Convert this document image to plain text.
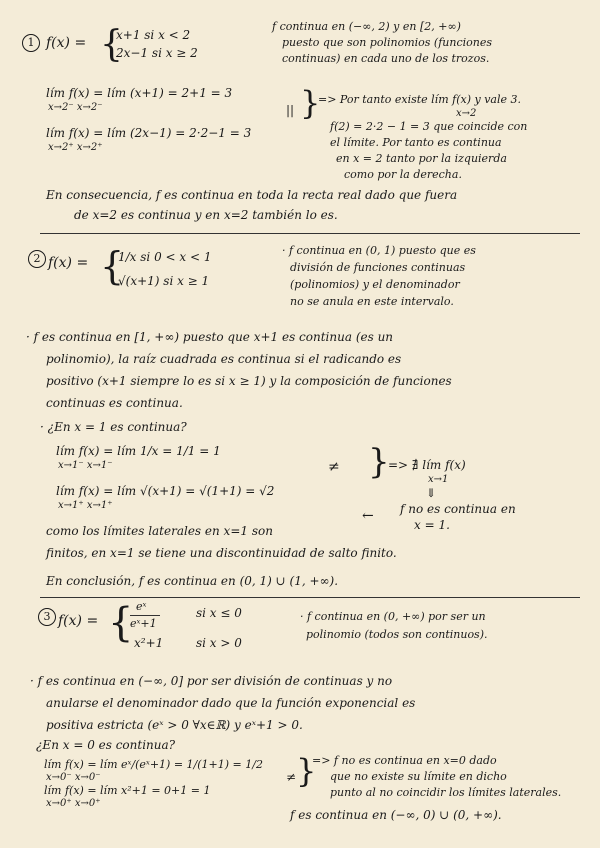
1 f(x) = {
x+1 si x < 2
2x−1 si x ≥ 2
f continua en (−∞, 2) y en [2, +∞)
puesto que son polinomios (funciones
continuas) en cada uno de los trozos.
lím f(x) = lím (x+1) = 2+1 = 3
x→2⁻ x→2⁻
lím f(x) = lím (2x−1) = 2·2−1 = 3
x→2⁺ x→2⁺
|| }
=> Por tanto existe lím f(x) y vale 3.
x→2
f(2) = 2·2 − 1 = 3 que coincide con
el límite. Por tanto es continua
en x = 2 tanto por la izquierda
como por la derecha.
En consecuencia, f es continua en toda la recta real dado que fuera
de x=2 es continua y en x=2 también lo es.
2 f(x) = {
1/x si 0 < x < 1
√(x+1) si x ≥ 1
· f continua en (0, 1) puesto que es
división de funciones continuas
(polinomios) y el denominador
no se anula en este intervalo.
· f es continua en [1, +∞) puesto que x+1 es continua (es un
polinomio), la raíz cuadrada es continua si el radicando es
positivo (x+1 siempre lo es si x ≥ 1) y la composición de funciones
continuas es continua.
· ¿En x = 1 es continua?
lím f(x) = lím 1/x = 1/1 = 1
x→1⁻ x→1⁻
lím f(x) = lím √(x+1) = √(1+1) = √2
x→1⁺ x→1⁺
≠ }
=> ∄ lím f(x)
x→1
⇓
f no es continua en
x = 1.
←
como los límites laterales en x=1 son
finitos, en x=1 se tiene una discontinuidad de salto finito.
En conclusión, f es continua en (0, 1) ∪ (1, +∞).
3 f(x) = { eˣ
eˣ+1
si x ≤ 0
x²+1	si x > 0
· f continua en (0, +∞) por ser un
polinomio (todos son continuos).
· f es continua en (−∞, 0] por ser división de continuas y no
anularse el denominador dado que la función exponencial es
positiva estricta (eˣ > 0 ∀x∈ℝ) y eˣ+1 > 0.
¿En x = 0 es continua?
lím f(x) = lím eˣ/(eˣ+1) = 1/(1+1) = 1/2
x→0⁻ x→0⁻
lím f(x) = lím x²+1 = 0+1 = 1
x→0⁺ x→0⁺
≠ }
=> f no es continua en x=0 dado
que no existe su límite en dicho
punto al no coincidir los límites laterales.
f es continua en (−∞, 0) ∪ (0, +∞).
